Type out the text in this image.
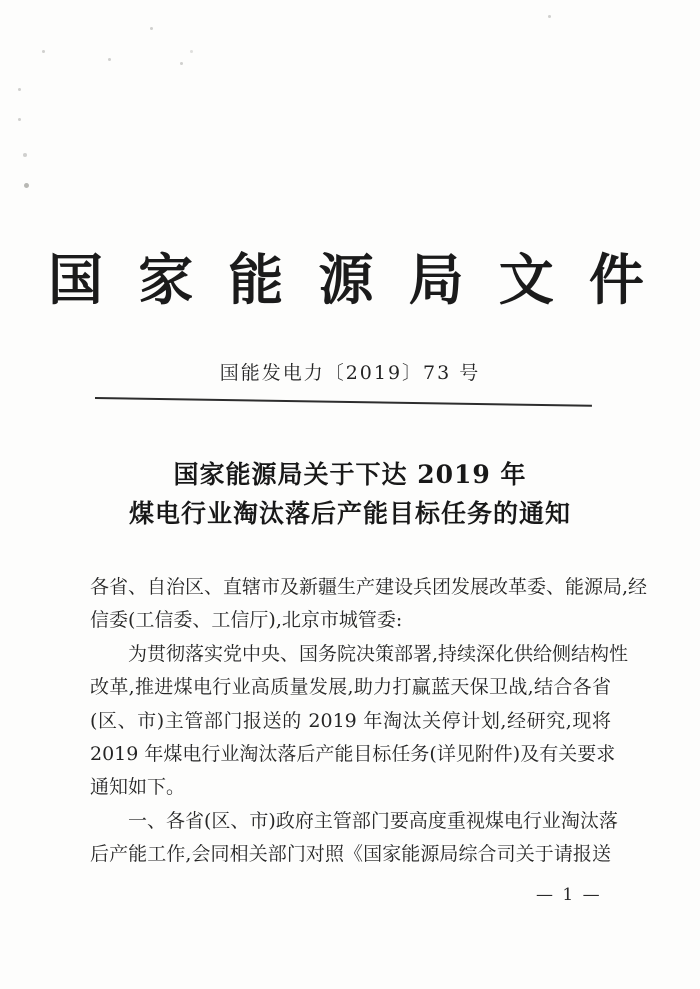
国 家 能 源 局 文 件
国能发电力〔2019〕73 号
国家能源局关于下达 2019 年
煤电行业淘汰落后产能目标任务的通知
各省、自治区、直辖市及新疆生产建设兵团发展改革委、能源局,经
信委(工信委、工信厅),北京市城管委:
为贯彻落实党中央、国务院决策部署,持续深化供给侧结构性
改革,推进煤电行业高质量发展,助力打赢蓝天保卫战,结合各省
(区、市)主管部门报送的 2019 年淘汰关停计划,经研究,现将
2019 年煤电行业淘汰落后产能目标任务(详见附件)及有关要求
通知如下。
一、各省(区、市)政府主管部门要高度重视煤电行业淘汰落
后产能工作,会同相关部门对照《国家能源局综合司关于请报送
— 1 —
